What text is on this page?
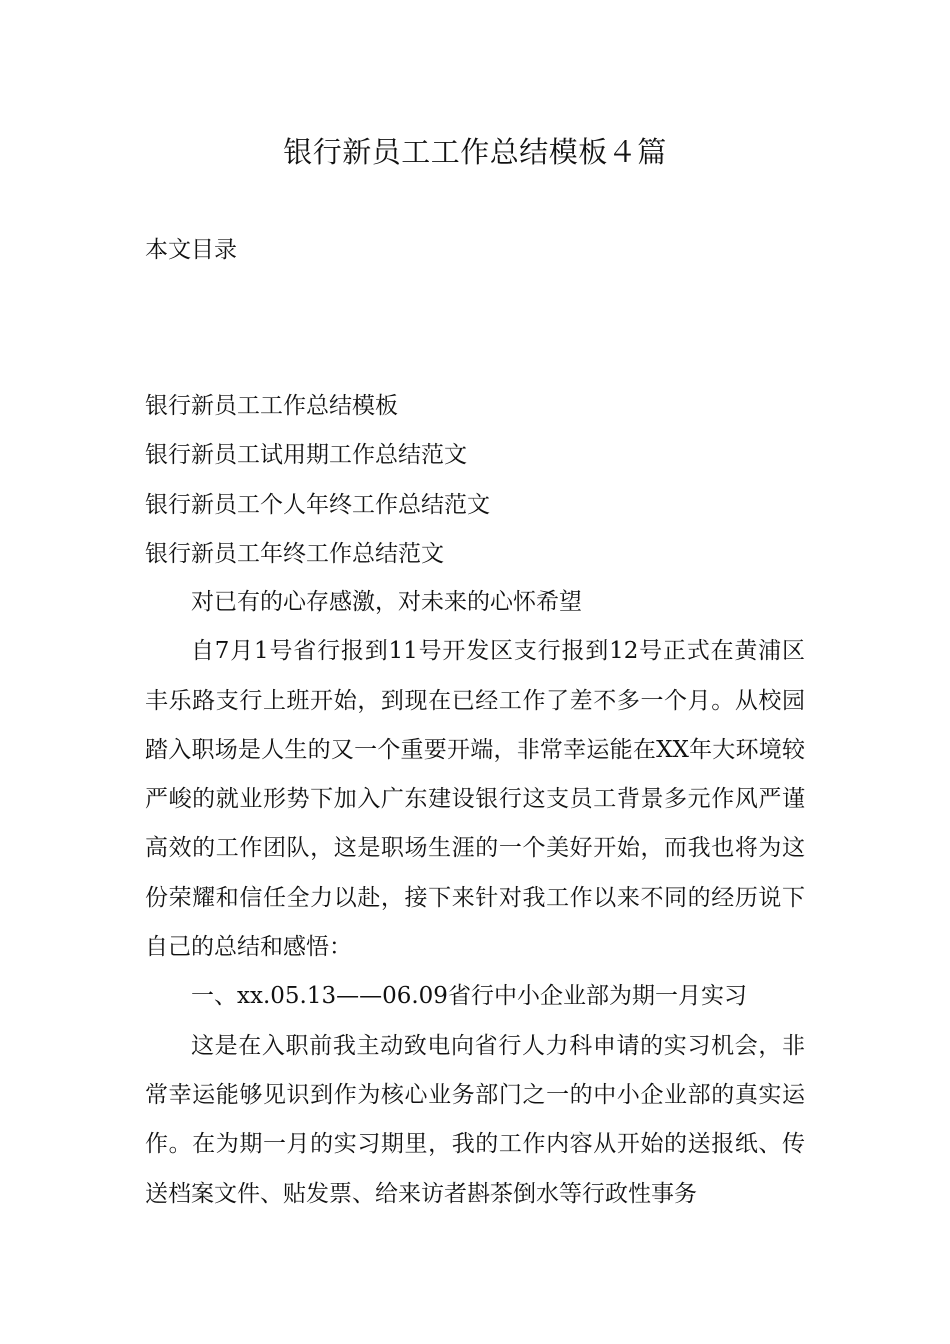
银行新员工工作总结模板４篇
本文目录
银行新员工工作总结模板
银行新员工试用期工作总结范文
银行新员工个人年终工作总结范文
银行新员工年终工作总结范文

对已有的心存感激，对未来的心怀希望

自7月1号省行报到11号开发区支行报到12号正式在黄浦区丰乐路支行上班开始，到现在已经工作了差不多一个月。从校园踏入职场是人生的又一个重要开端，非常幸运能在XX年大环境较严峻的就业形势下加入广东建设银行这支员工背景多元作风严谨高效的工作团队，这是职场生涯的一个美好开始，而我也将为这份荣耀和信任全力以赴，接下来针对我工作以来不同的经历说下自己的总结和感悟：

一、xx.05.13——06.09省行中小企业部为期一月实习

这是在入职前我主动致电向省行人力科申请的实习机会，非常幸运能够见识到作为核心业务部门之一的中小企业部的真实运作。在为期一月的实习期里，我的工作内容从开始的送报纸、传送档案文件、贴发票、给来访者斟茶倒水等行政性事务
